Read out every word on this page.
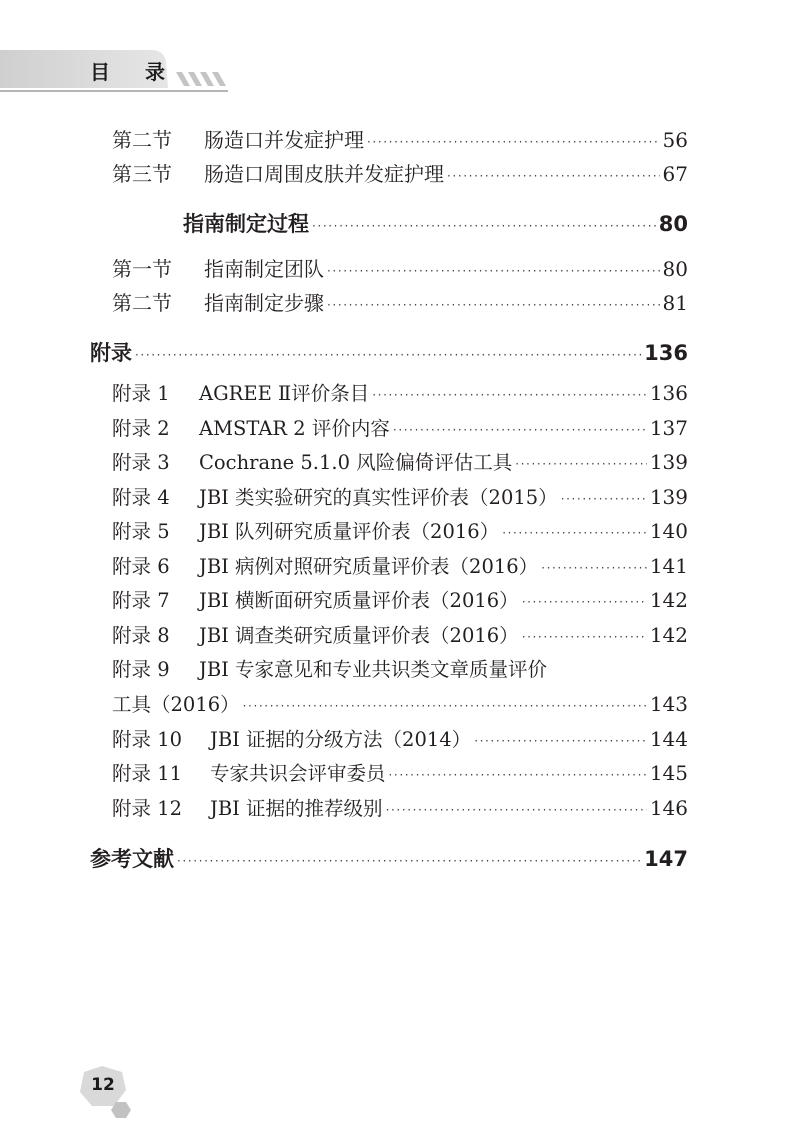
目 录
第二节	肠造口并发症护理 ·····	56
第三节	肠造口周围皮肤并发症护理 ·····	67
指南制定过程 ·····	80
第一节	指南制定团队 ·····	80
第二节	指南制定步骤 ·····	81
附录 ·····	136
附录 1	AGREE Ⅱ评价条目 ·····	136
附录 2	AMSTAR 2 评价内容 ·····	137
附录 3	Cochrane 5.1.0 风险偏倚评估工具 ·····	139
附录 4	JBI 类实验研究的真实性评价表（2015） ·····	139
附录 5	JBI 队列研究质量评价表（2016） ·····	140
附录 6	JBI 病例对照研究质量评价表（2016） ·····	141
附录 7	JBI 横断面研究质量评价表（2016） ·····	142
附录 8	JBI 调查类研究质量评价表（2016） ·····	142
附录 9	JBI 专家意见和专业共识类文章质量评价
工具（2016） ·····	143
附录 10	JBI 证据的分级方法（2014） ·····	144
附录 11	专家共识会评审委员 ·····	145
附录 12	JBI 证据的推荐级别 ·····	146
参考文献 ·····	147
12
